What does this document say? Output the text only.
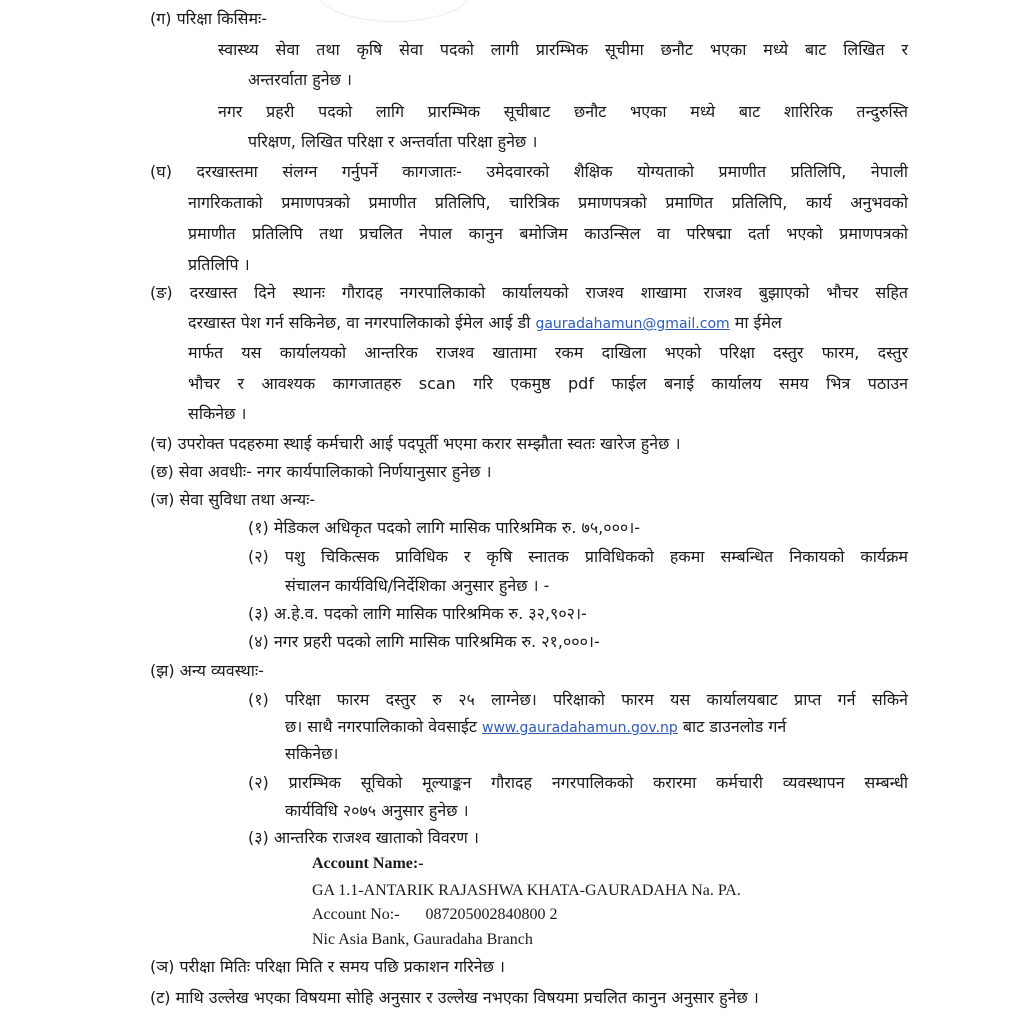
(ग) परिक्षा किसिमः-
स्वास्थ्य सेवा तथा कृषि सेवा पदको लागी प्रारम्भिक सूचीमा छनौट भएका मध्ये बाट लिखित र
अन्तरर्वाता हुनेछ ।
नगर प्रहरी पदको लागि प्रारम्भिक सूचीबाट छनौट भएका मध्ये बाट शारिरिक तन्दुरुस्ति
परिक्षण, लिखित परिक्षा र अन्तर्वाता परिक्षा हुनेछ ।
(घ) दरखास्तमा संलग्न गर्नुपर्ने कागजातः- उमेदवारको शैक्षिक योग्यताको प्रमाणीत प्रतिलिपि, नेपाली
नागरिकताको प्रमाणपत्रको प्रमाणीत प्रतिलिपि, चारित्रिक प्रमाणपत्रको प्रमाणित प्रतिलिपि, कार्य अनुभवको
प्रमाणीत प्रतिलिपि तथा प्रचलित नेपाल कानुन बमोजिम काउन्सिल वा परिषद्मा दर्ता भएको प्रमाणपत्रको
प्रतिलिपि ।
(ङ) दरखास्त दिने स्थानः गौरादह नगरपालिकाको कार्यालयको राजश्व शाखामा राजश्व बुझाएको भौचर सहित
दरखास्त पेश गर्न सकिनेछ, वा नगरपालिकाको ईमेल आई डी gauradahamun@gmail.com मा ईमेल
मार्फत यस कार्यालयको आन्तरिक राजश्व खातामा रकम दाखिला भएको परिक्षा दस्तुर फारम, दस्तुर
भौचर र आवश्यक कागजातहरु scan गरि एकमुष्ठ pdf फाईल बनाई कार्यालय समय भित्र पठाउन
सकिनेछ ।
(च) उपरोक्त पदहरुमा स्थाई कर्मचारी आई पदपूर्ती भएमा करार सम्झौता स्वतः खारेज हुनेछ ।
(छ) सेवा अवधीः- नगर कार्यपालिकाको निर्णयानुसार हुनेछ ।
(ज) सेवा सुविधा तथा अन्यः-
(१) मेडिकल अधिकृत पदको लागि मासिक पारिश्रमिक रु. ७५,०००।-
(२) पशु चिकित्सक प्राविधिक र कृषि स्नातक प्राविधिकको हकमा सम्बन्धित निकायको कार्यक्रम
संचालन कार्यविधि/निर्देशिका अनुसार हुनेछ । -
(३) अ.हे.व. पदको लागि मासिक पारिश्रमिक रु. ३२,९०२।-
(४) नगर प्रहरी पदको लागि मासिक पारिश्रमिक रु. २१,०००।-
(झ) अन्य व्यवस्थाः-
(१) परिक्षा फारम दस्तुर रु २५ लाग्नेछ। परिक्षाको फारम यस कार्यालयबाट प्राप्त गर्न सकिने
छ। साथै नगरपालिकाको वेवसाईट www.gauradahamun.gov.np बाट डाउनलोड गर्न
सकिनेछ।
(२) प्रारम्भिक सूचिको मूल्याङ्कन गौरादह नगरपालिकको करारमा कर्मचारी व्यवस्थापन सम्बन्धी
कार्यविधि २०७५ अनुसार हुनेछ ।
(३) आन्तरिक राजश्व खाताको विवरण ।
Account Name:-
GA 1.1-ANTARIK RAJASHWA KHATA-GAURADAHA Na. PA.
Account No:- 087205002840800 2
Nic Asia Bank, Gauradaha Branch
(ञ) परीक्षा मितिः परिक्षा मिति र समय पछि प्रकाशन गरिनेछ ।
(ट) माथि उल्लेख भएका विषयमा सोहि अनुसार र उल्लेख नभएका विषयमा प्रचलित कानुन अनुसार हुनेछ ।
